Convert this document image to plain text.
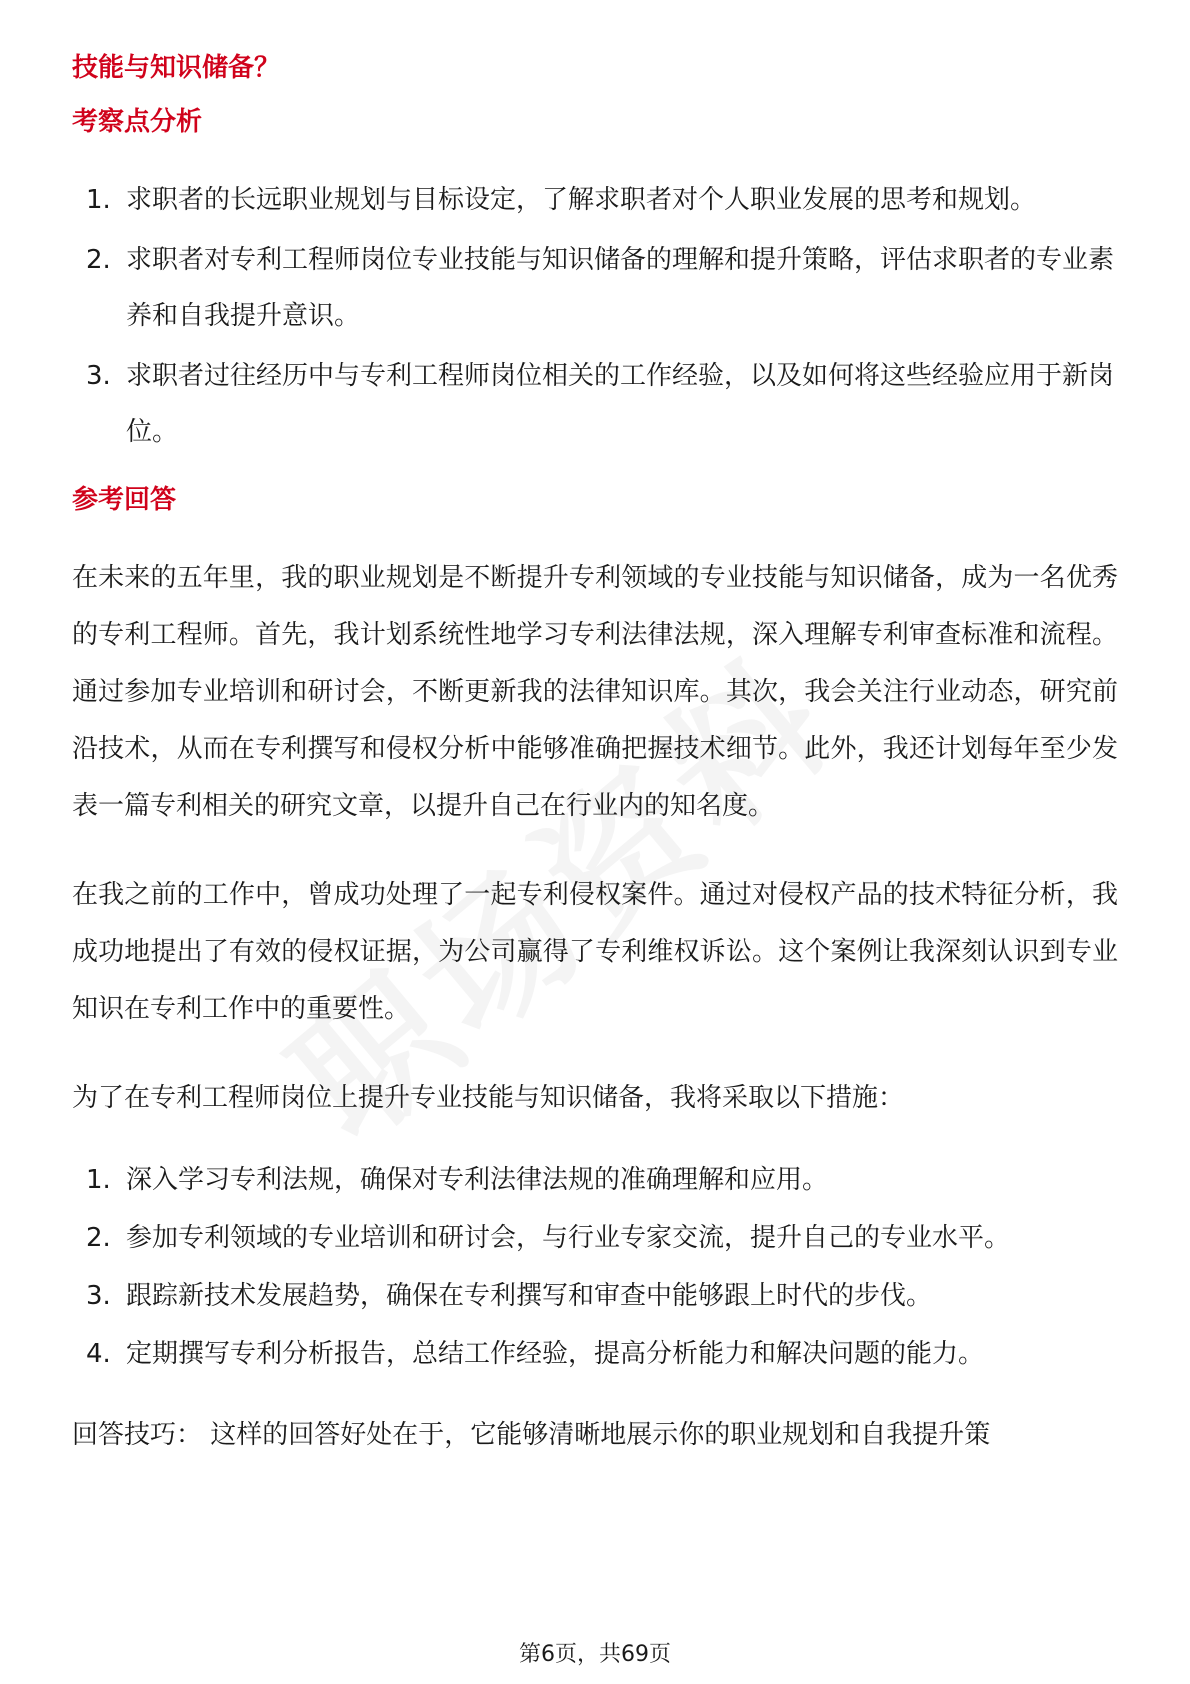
技能与知识储备？
考察点分析
1. 求职者的长远职业规划与目标设定，了解求职者对个人职业发展的思考和规划。
2. 求职者对专利工程师岗位专业技能与知识储备的理解和提升策略，评估求职者的专业素养和自我提升意识。
3. 求职者过往经历中与专利工程师岗位相关的工作经验，以及如何将这些经验应用于新岗位。
参考回答

在未来的五年里，我的职业规划是不断提升专利领域的专业技能与知识储备，成为一名优秀的专利工程师。首先，我计划系统性地学习专利法律法规，深入理解专利审查标准和流程。通过参加专业培训和研讨会，不断更新我的法律知识库。其次，我会关注行业动态，研究前沿技术，从而在专利撰写和侵权分析中能够准确把握技术细节。此外，我还计划每年至少发表一篇专利相关的研究文章，以提升自己在行业内的知名度。

在我之前的工作中，曾成功处理了一起专利侵权案件。通过对侵权产品的技术特征分析，我成功地提出了有效的侵权证据，为公司赢得了专利维权诉讼。这个案例让我深刻认识到专业知识在专利工作中的重要性。

为了在专利工程师岗位上提升专业技能与知识储备，我将采取以下措施：

1. 深入学习专利法规，确保对专利法律法规的准确理解和应用。
2. 参加专利领域的专业培训和研讨会，与行业专家交流，提升自己的专业水平。
3. 跟踪新技术发展趋势，确保在专利撰写和审查中能够跟上时代的步伐。
4. 定期撰写专利分析报告，总结工作经验，提高分析能力和解决问题的能力。

回答技巧： 这样的回答好处在于，它能够清晰地展示你的职业规划和自我提升策

第6页，共69页
